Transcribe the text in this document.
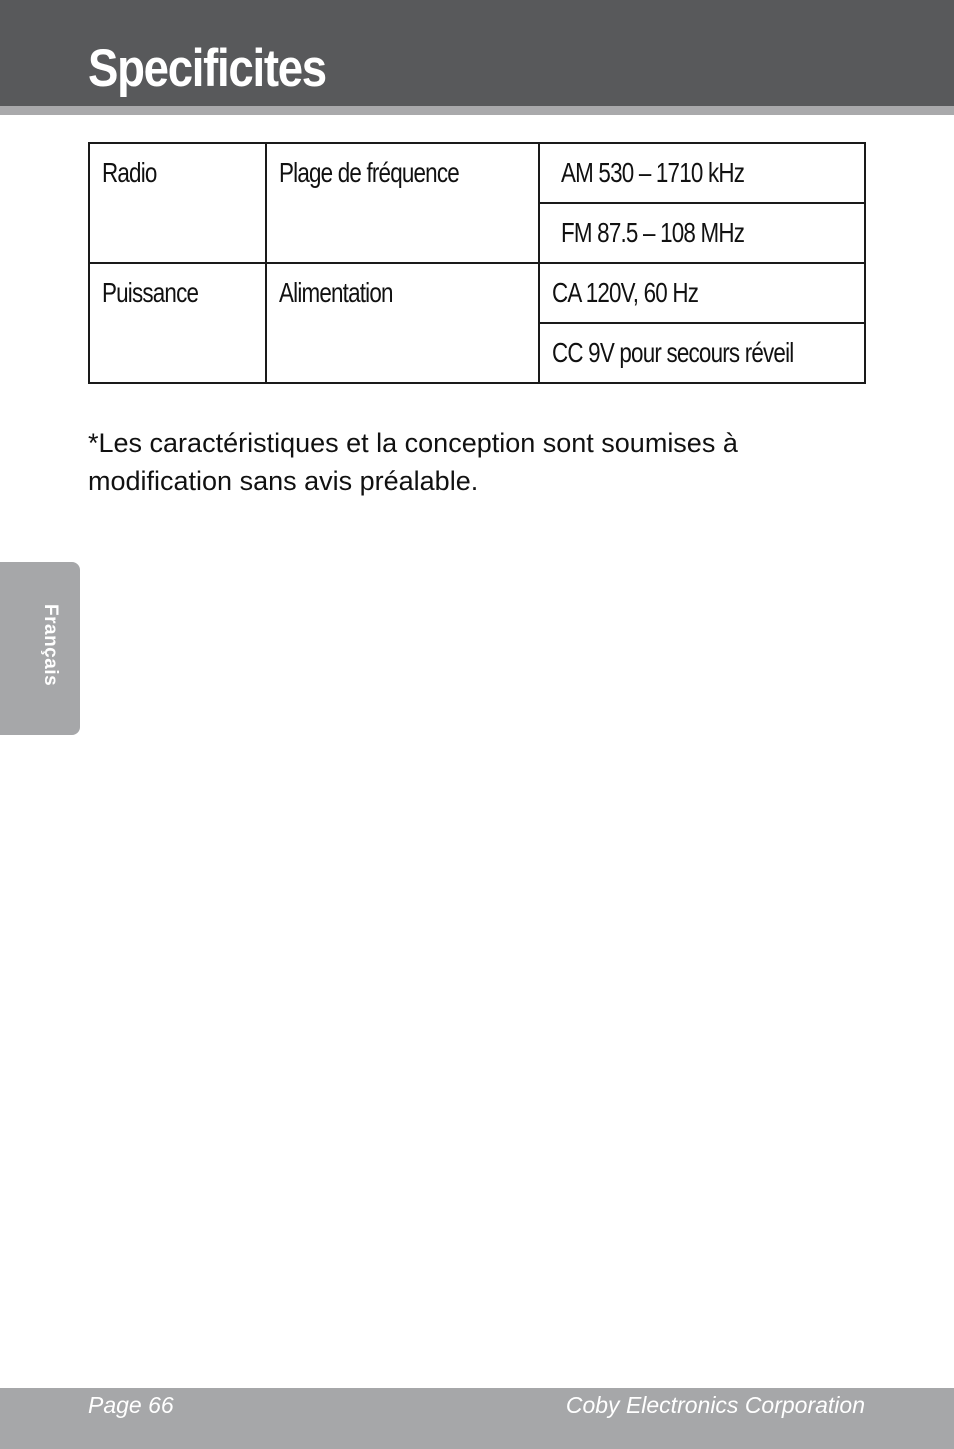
Specificites
Radio	Plage de fréquence	AM 530 – 1710 kHz
		FM 87.5 – 108 MHz
Puissance	Alimentation	CA 120V, 60 Hz
		CC 9V pour secours réveil

*Les caractéristiques et la conception sont soumises à modification sans avis préalable.

Français
Page 66	Coby Electronics Corporation
